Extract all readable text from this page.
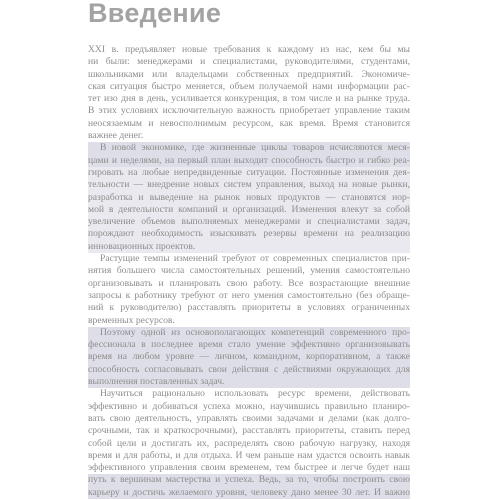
Введение

XXI в. предъявляет новые требования к каждому из нас, кем бы мы
ни были: менеджерами и специалистами, руководителями, студентами,
школьниками или владельцами собственных предприятий. Экономиче-
ская ситуация быстро меняется, объем получаемой нами информации рас-
тет изо дня в день, усиливается конкуренция, в том числе и на рынке труда.
В этих условиях исключительную важность приобретает управление таким
неосязаемым и невосполнимым ресурсом, как время. Время становится
важнее денег.

В новой экономике, где жизненные циклы товаров исчисляются меся-
цами и неделями, на первый план выходит способность быстро и гибко реа-
гировать на любые непредвиденные ситуации. Постоянные изменения дея-
тельности — внедрение новых систем управления, выход на новые рынки,
разработка и выведение на рынок новых продуктов — становятся нор-
мой в деятельности компаний и организаций. Изменения влекут за собой
увеличение объемов выполняемых менеджерами и специалистами задач,
порождают необходимость изыскивать резервы времени на реализацию
инновационных проектов.

Растущие темпы изменений требуют от современных специалистов при-
нятия большего числа самостоятельных решений, умения самостоятельно
организовывать и планировать свою работу. Все возрастающие внешние
запросы к работнику требуют от него умения самостоятельно (без обраще-
ний к руководителю) расставлять приоритеты в условиях ограниченных
временных ресурсов.

Поэтому одной из основополагающих компетенций современного про-
фессионала в последнее время стало умение эффективно организовывать
время на любом уровне — личном, командном, корпоративном, а также
способность согласовывать свои действия с действиями окружающих для
выполнения поставленных задач.

Научиться рационально использовать ресурс времени, действовать
эффективно и добиваться успеха можно, научившись правильно планиро-
вать свою деятельность, управлять своими задачами и делами (как долго-
срочными, так и краткосрочными), расставлять приоритеты, ставить перед
собой цели и достигать их, распределять свою рабочую нагрузку, находя
время и для работы, и для отдыха. И чем раньше нам удастся освоить навык
эффективного управления своим временем, тем быстрее и легче будет наш
путь к вершинам мастерства и успеха. Ведь, за то, чтобы построить свою
карьеру и достичь желаемого уровня, человеку дано менее 30 лет. И важно
